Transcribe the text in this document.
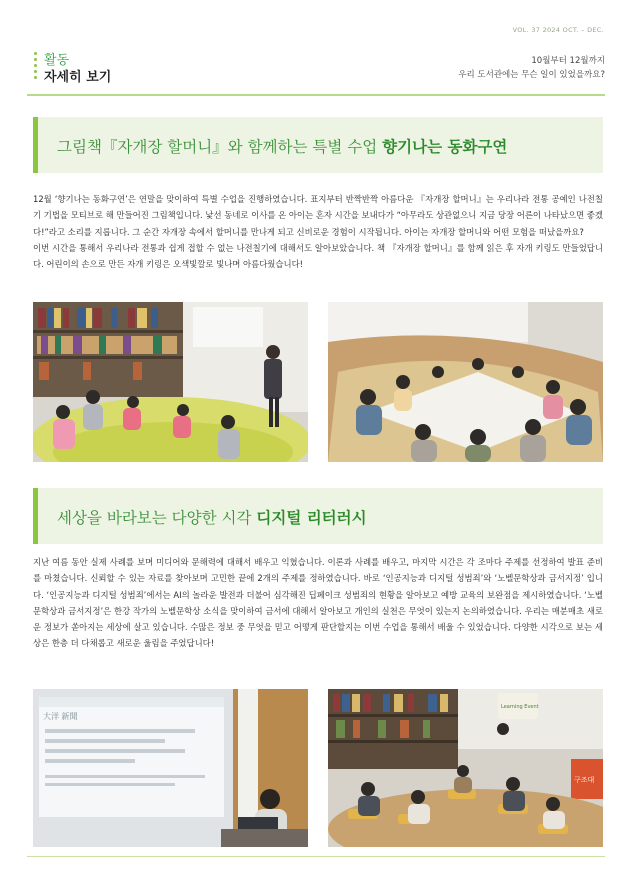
VOL. 37 2024 OCT. – DEC.
활동
자세히 보기
10월부터 12월까지
우리 도서관에는 무슨 일이 있었을까요?
그림책『자개장 할머니』와 함께하는 특별 수업 향기나는 동화구연

12월 ‘향기나는 동화구연’은 연말을 맞이하여 특별 수업을 진행하였습니다. 표지부터 반짝반짝 아름다운 『자개장 할머니』는 우리나라 전통 공예인 나전칠기 기법을 모티브로 해 만들어진 그림책입니다. 낯선 동네로 이사를 온 아이는 혼자 시간을 보내다가 “아무라도 상관없으니 지금 당장 어른이 나타났으면 좋겠다!”라고 소리를 지릅니다. 그 순간 자개장 속에서 할머니를 만나게 되고 신비로운 경험이 시작됩니다. 아이는 자개장 할머니와 어떤 모험을 떠났을까요?

이번 시간을 통해서 우리나라 전통과 쉽게 접할 수 없는 나전칠기에 대해서도 알아보았습니다. 책 『자개장 할머니』를 함께 읽은 후 자개 키링도 만들었답니다. 어린이의 손으로 만든 자개 키링은 오색빛깔로 빛나며 아름다웠습니다!

세상을 바라보는 다양한 시각 디지털 리터러시

지난 여름 동안 실제 사례를 보며 미디어와 문해력에 대해서 배우고 익혔습니다. 이론과 사례를 배우고, 마지막 시간은 각 조마다 주제를 선정하여 발표 준비를 마쳤습니다. 신뢰할 수 있는 자료를 찾아보며 고민한 끝에 2개의 주제를 정하였습니다. 바로 ‘인공지능과 디지털 성범죄’와 ‘노벨문학상과 금서지정’ 입니다. ‘인공지능과 디지털 성범죄’에서는 AI의 놀라운 발전과 더불어 심각해진 딥페이크 성범죄의 현황을 알아보고 예방 교육의 보완점을 제시하였습니다. ‘노벨문학상과 금서지정’은 한강 작가의 노벨문학상 소식을 맞이하여 금서에 대해서 알아보고 개인의 실천은 무엇이 있는지 논의하였습니다. 우리는 매분매초 새로운 정보가 쏟아지는 세상에 살고 있습니다. 수많은 정보 중 무엇을 믿고 어떻게 판단할지는 이번 수업을 통해서 배울 수 있었습니다. 다양한 시각으로 보는 세상은 한층 더 다채롭고 새로운 울림을 주었답니다!

大洋 新聞
Learning Event
구조대
